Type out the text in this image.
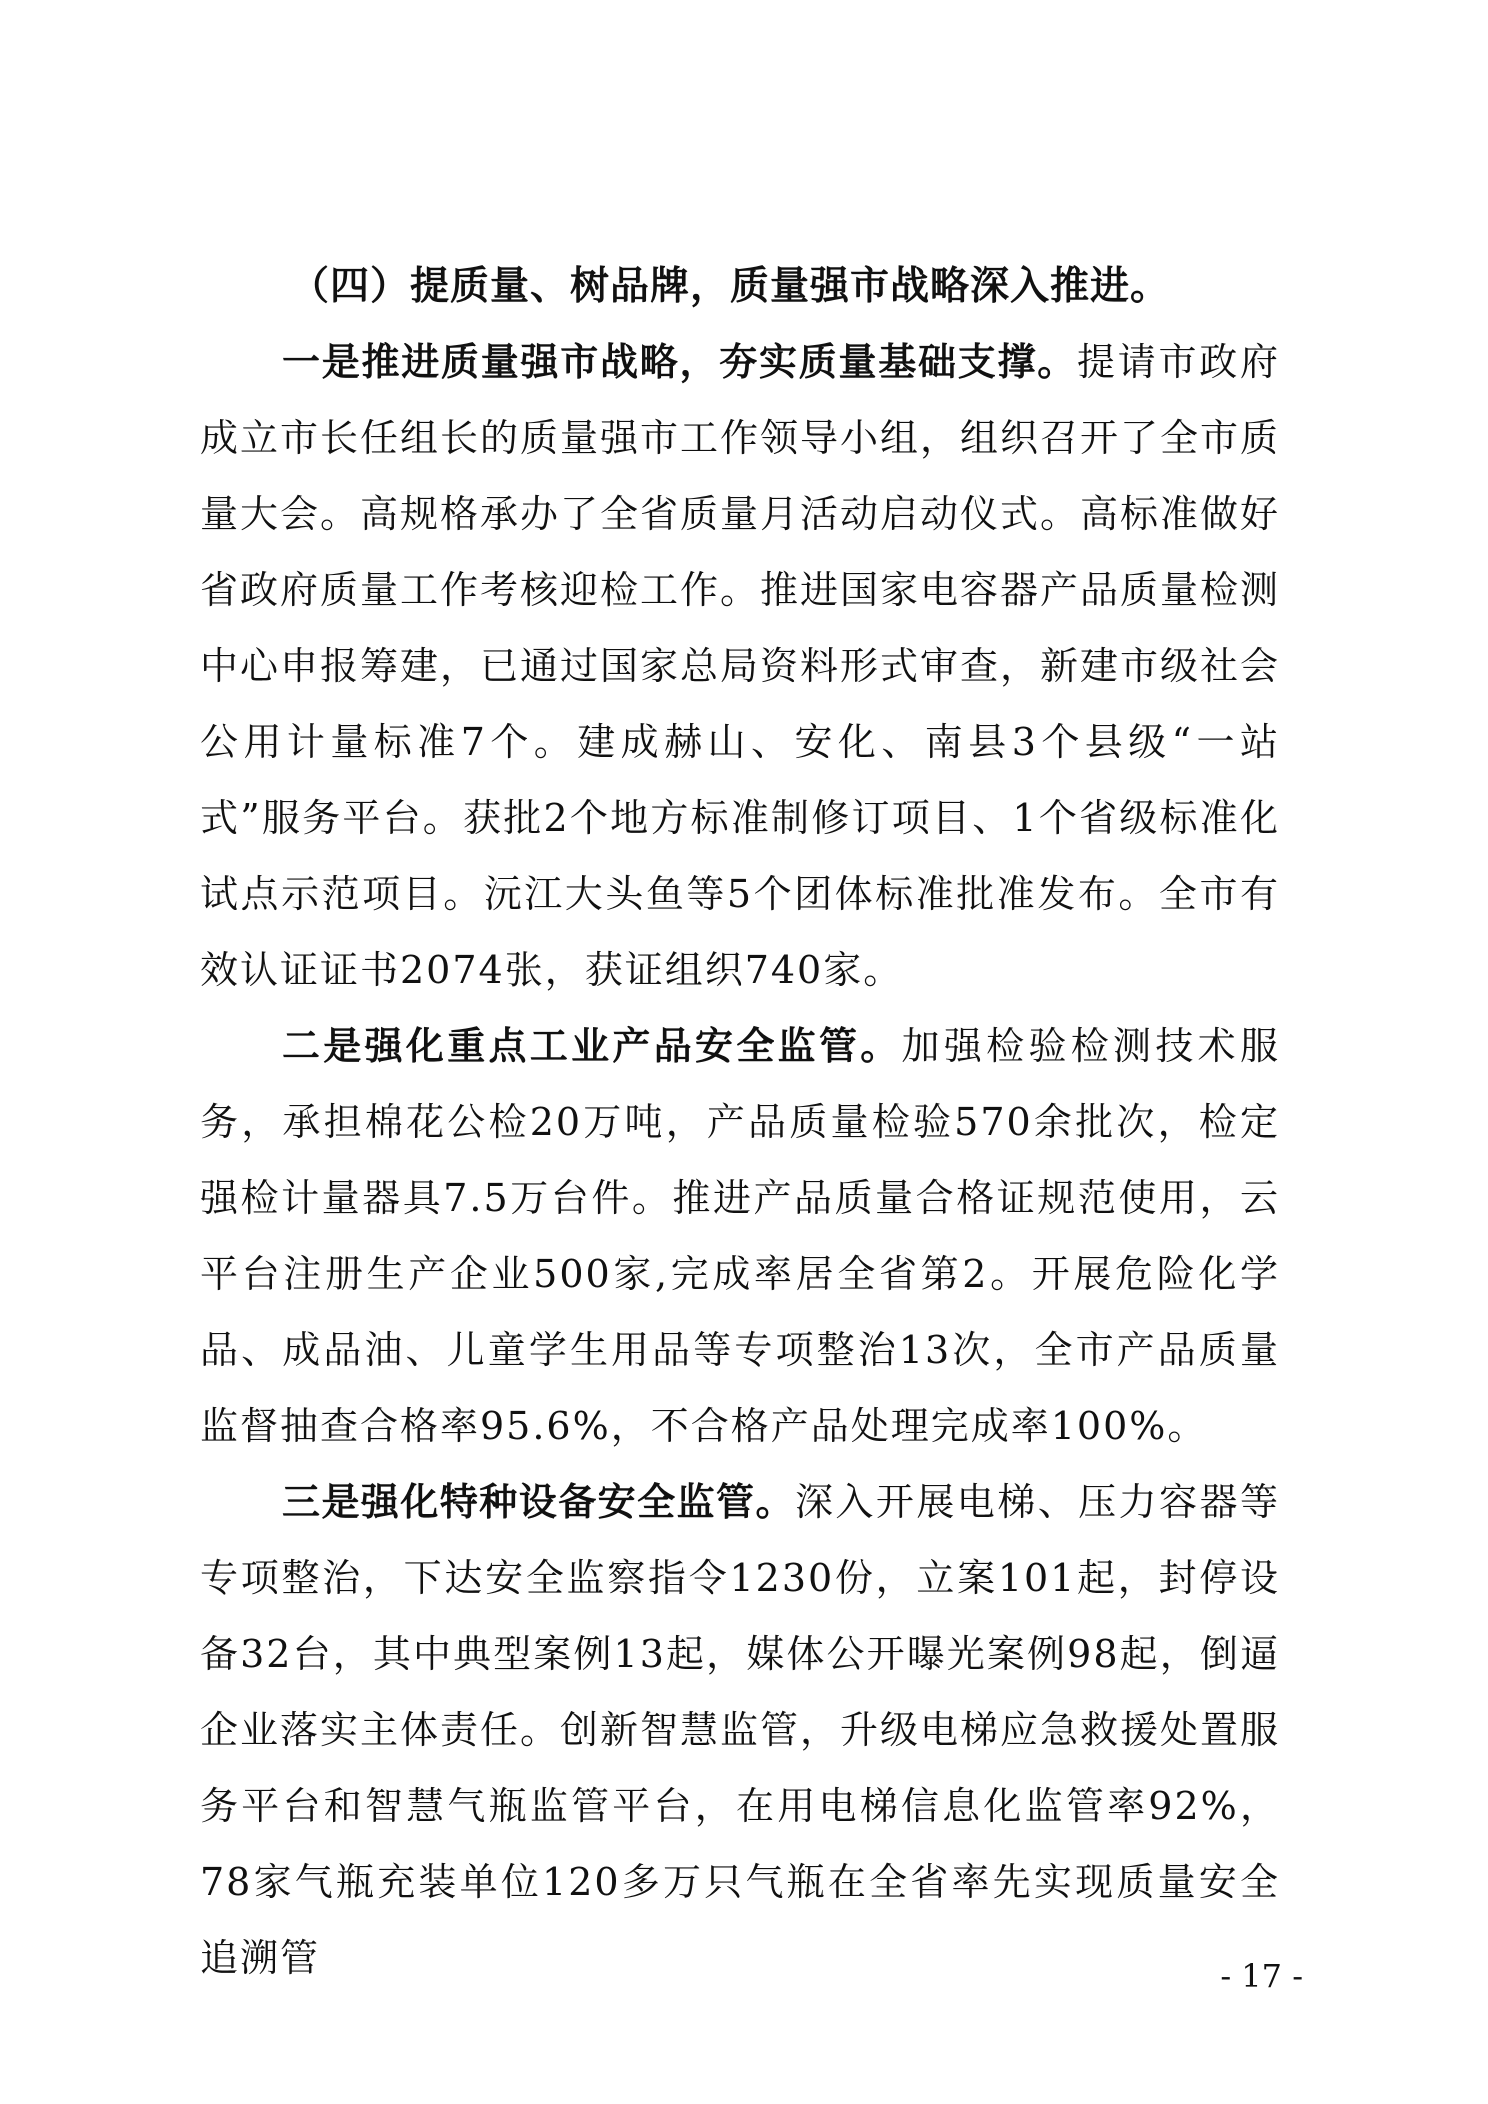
（四）提质量、树品牌，质量强市战略深入推进。

一是推进质量强市战略，夯实质量基础支撑。提请市政府成立市长任组长的质量强市工作领导小组，组织召开了全市质量大会。高规格承办了全省质量月活动启动仪式。高标准做好省政府质量工作考核迎检工作。推进国家电容器产品质量检测中心申报筹建，已通过国家总局资料形式审查，新建市级社会公用计量标准7个。建成赫山、安化、南县3个县级“一站式”服务平台。获批2个地方标准制修订项目、1个省级标准化试点示范项目。沅江大头鱼等5个团体标准批准发布。全市有效认证证书2074张，获证组织740家。

二是强化重点工业产品安全监管。加强检验检测技术服务，承担棉花公检20万吨，产品质量检验570余批次，检定强检计量器具7.5万台件。推进产品质量合格证规范使用，云平台注册生产企业500家,完成率居全省第2。开展危险化学品、成品油、儿童学生用品等专项整治13次，全市产品质量监督抽查合格率95.6%，不合格产品处理完成率100%。

三是强化特种设备安全监管。深入开展电梯、压力容器等专项整治，下达安全监察指令1230份，立案101起，封停设备32台，其中典型案例13起，媒体公开曝光案例98起，倒逼企业落实主体责任。创新智慧监管，升级电梯应急救援处置服务平台和智慧气瓶监管平台，在用电梯信息化监管率92%，78家气瓶充装单位120多万只气瓶在全省率先实现质量安全追溯管	- 17 -
